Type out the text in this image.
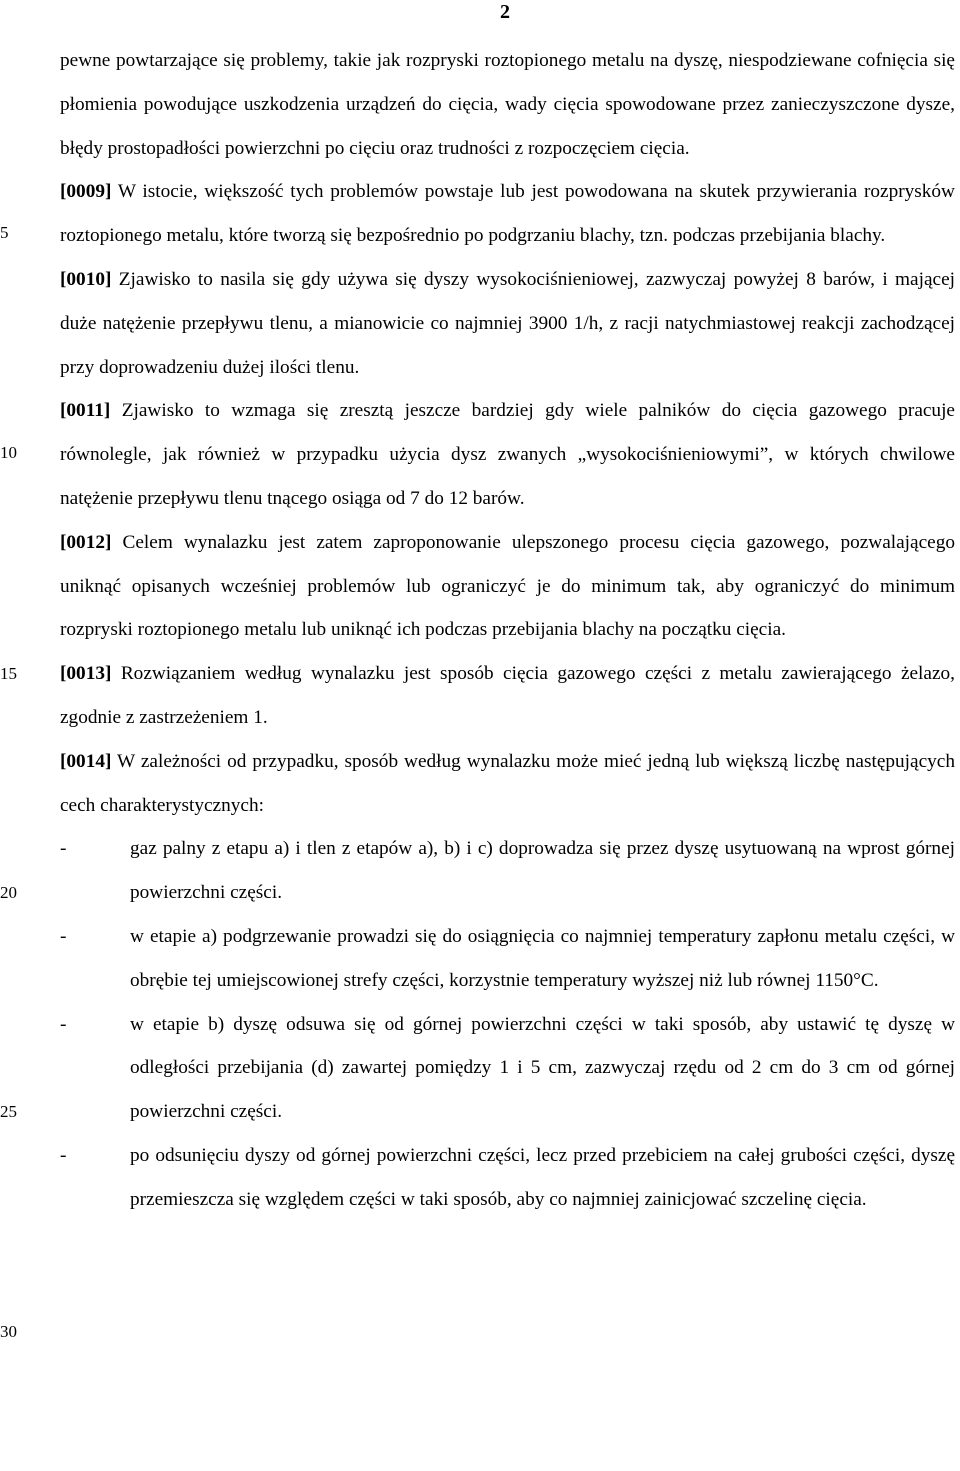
2
5
10
15
20
25
30

pewne powtarzające się problemy, takie jak rozpryski roztopionego metalu na dyszę, niespodziewane cofnięcia się płomienia powodujące uszkodzenia urządzeń do cięcia, wady cięcia spowodowane przez zanieczyszczone dysze, błędy prostopadłości powierzchni po cięciu oraz trudności z rozpoczęciem cięcia.

[0009] W istocie, większość tych problemów powstaje lub jest powodowana na skutek przywierania rozprysków roztopionego metalu, które tworzą się bezpośrednio po podgrzaniu blachy, tzn. podczas przebijania blachy.

[0010] Zjawisko to nasila się gdy używa się dyszy wysokociśnieniowej, zazwyczaj powyżej 8 barów, i mającej duże natężenie przepływu tlenu, a mianowicie co najmniej 3900 1/h, z racji natychmiastowej reakcji zachodzącej przy doprowadzeniu dużej ilości tlenu.

[0011] Zjawisko to wzmaga się zresztą jeszcze bardziej gdy wiele palników do cięcia gazowego pracuje równolegle, jak również w przypadku użycia dysz zwanych „wysokociśnieniowymi”, w których chwilowe natężenie przepływu tlenu tnącego osiąga od 7 do 12 barów.

[0012] Celem wynalazku jest zatem zaproponowanie ulepszonego procesu cięcia gazowego, pozwalającego uniknąć opisanych wcześniej problemów lub ograniczyć je do minimum tak, aby ograniczyć do minimum rozpryski roztopionego metalu lub uniknąć ich podczas przebijania blachy na początku cięcia.

[0013] Rozwiązaniem według wynalazku jest sposób cięcia gazowego części z metalu zawierającego żelazo, zgodnie z zastrzeżeniem 1.

[0014] W zależności od przypadku, sposób według wynalazku może mieć jedną lub większą liczbę następujących cech charakterystycznych:

-	gaz palny z etapu a) i tlen z etapów a), b) i c) doprowadza się przez dyszę usytuowaną na wprost górnej powierzchni części.
-	w etapie a) podgrzewanie prowadzi się do osiągnięcia co najmniej temperatury zapłonu metalu części, w obrębie tej umiejscowionej strefy części, korzystnie temperatury wyższej niż lub równej 1150°C.
-	w etapie b) dyszę odsuwa się od górnej powierzchni części w taki sposób, aby ustawić tę dyszę w odległości przebijania (d) zawartej pomiędzy 1 i 5 cm, zazwyczaj rzędu od 2 cm do 3 cm od górnej powierzchni części.
-	po odsunięciu dyszy od górnej powierzchni części, lecz przed przebiciem na całej grubości części, dyszę przemieszcza się względem części w taki sposób, aby co najmniej zainicjować szczelinę cięcia.
